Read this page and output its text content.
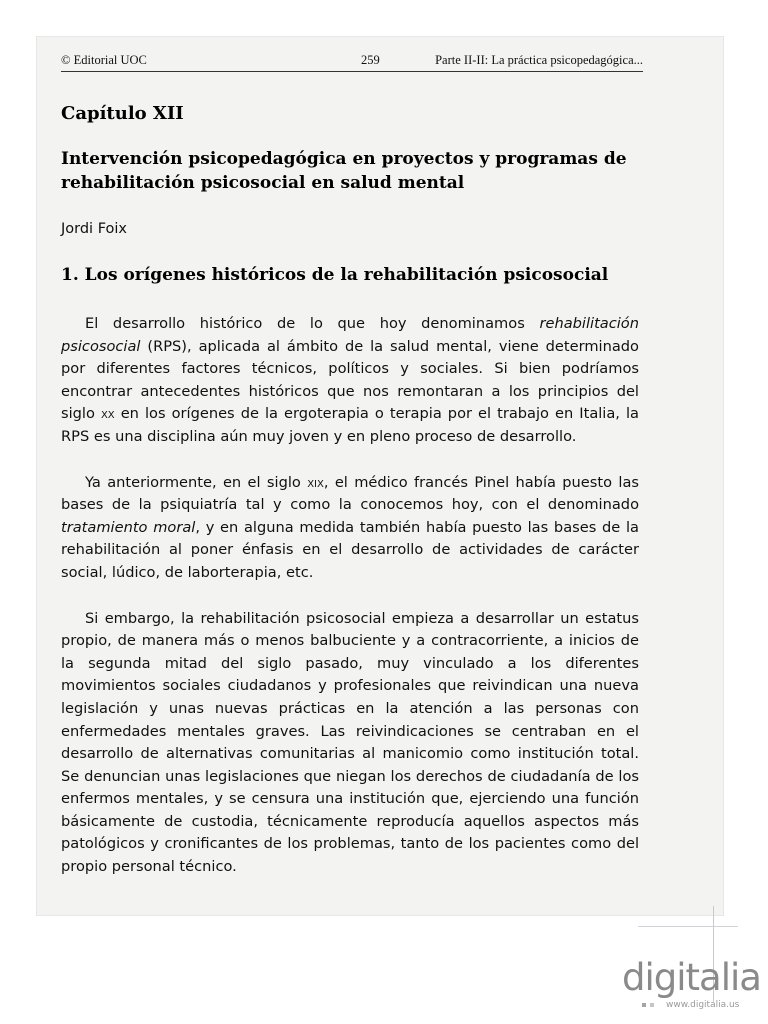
© Editorial UOC	259	Parte II-II: La práctica psicopedagógica...
Capítulo XII
Intervención psicopedagógica en proyectos y programas de rehabilitación psicosocial en salud mental
Jordi Foix
1. Los orígenes históricos de la rehabilitación psicosocial

El desarrollo histórico de lo que hoy denominamos rehabilitación psicosocial (RPS), aplicada al ámbito de la salud mental, viene determinado por diferentes factores técnicos, políticos y sociales. Si bien podríamos encontrar antecedentes históricos que nos remontaran a los principios del siglo xx en los orígenes de la ergoterapia o terapia por el trabajo en Italia, la RPS es una disciplina aún muy joven y en pleno proceso de desarrollo.

Ya anteriormente, en el siglo xix, el médico francés Pinel había puesto las bases de la psiquiatría tal y como la conocemos hoy, con el denominado tratamiento moral, y en alguna medida también había puesto las bases de la rehabilitación al poner énfasis en el desarrollo de actividades de carácter social, lúdico, de laborterapia, etc.

Si embargo, la rehabilitación psicosocial empieza a desarrollar un estatus propio, de manera más o menos balbuciente y a contracorriente, a inicios de la segunda mitad del siglo pasado, muy vinculado a los diferentes movimientos sociales ciudadanos y profesionales que reivindican una nueva legislación y unas nuevas prácticas en la atención a las personas con enfermedades mentales graves. Las reivindicaciones se centraban en el desarrollo de alternativas comunitarias al manicomio como institución total. Se denuncian unas legislaciones que niegan los derechos de ciudadanía de los enfermos mentales, y se censura una institución que, ejerciendo una función básicamente de custodia, técnicamente reproducía aquellos aspectos más patológicos y cronificantes de los problemas, tanto de los pacientes como del propio personal técnico.

digitalia
www.digitalia.us
